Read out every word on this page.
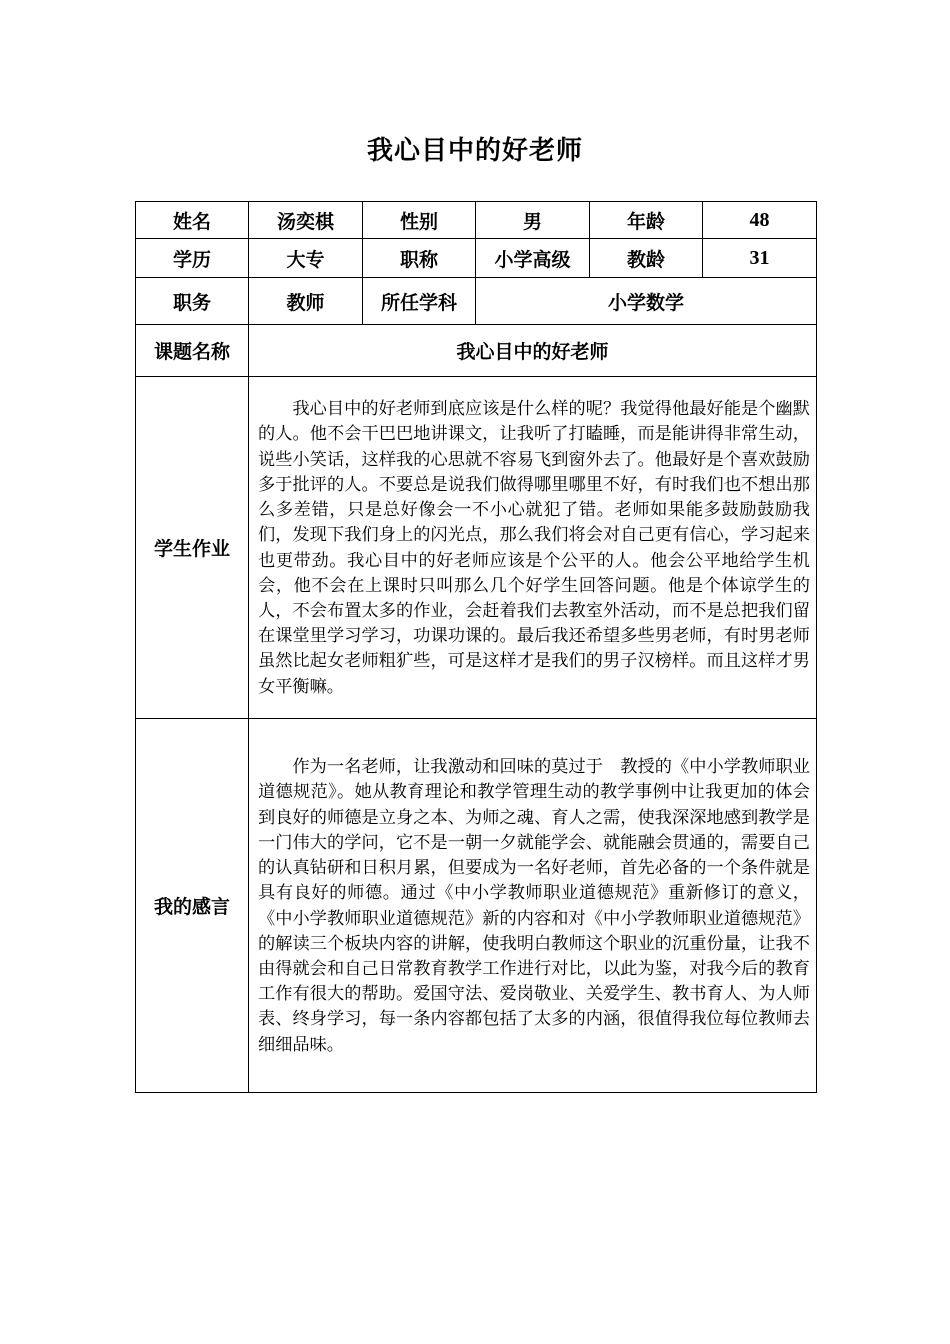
我心目中的好老师
姓名	汤奕棋	性别	男	年龄	48
学历	大专	职称	小学高级	教龄	31
职务	教师	所任学科	小学数学		
课题名称	我心目中的好老师				
学生作业	我心目中的好老师到底应该是什么样的呢？我觉得他最好能是个幽默的人。他不会干巴巴地讲课文，让我听了打瞌睡，而是能讲得非常生动，说些小笑话，这样我的心思就不容易飞到窗外去了。他最好是个喜欢鼓励多于批评的人。不要总是说我们做得哪里哪里不好，有时我们也不想出那么多差错，只是总好像会一不小心就犯了错。老师如果能多鼓励鼓励我们，发现下我们身上的闪光点，那么我们将会对自己更有信心，学习起来也更带劲。我心目中的好老师应该是个公平的人。他会公平地给学生机会，他不会在上课时只叫那么几个好学生回答问题。他是个体谅学生的人，不会布置太多的作业，会赶着我们去教室外活动，而不是总把我们留在课堂里学习学习，功课功课的。最后我还希望多些男老师，有时男老师虽然比起女老师粗犷些，可是这样才是我们的男子汉榜样。而且这样才男女平衡嘛。				

我的感言	作为一名老师，让我激动和回味的莫过于　教授的《中小学教师职业道德规范》。她从教育理论和教学管理生动的教学事例中让我更加的体会到良好的师德是立身之本、为师之魂、育人之需，使我深深地感到教学是一门伟大的学问，它不是一朝一夕就能学会、就能融会贯通的，需要自己的认真钻研和日积月累，但要成为一名好老师，首先必备的一个条件就是具有良好的师德。通过《中小学教师职业道德规范》重新修订的意义，《中小学教师职业道德规范》新的内容和对《中小学教师职业道德规范》的解读三个板块内容的讲解，使我明白教师这个职业的沉重份量，让我不由得就会和自己日常教育教学工作进行对比，以此为鉴，对我今后的教育工作有很大的帮助。爱国守法、爱岗敬业、关爱学生、教书育人、为人师表、终身学习，每一条内容都包括了太多的内涵，很值得我位每位教师去细细品味。				
